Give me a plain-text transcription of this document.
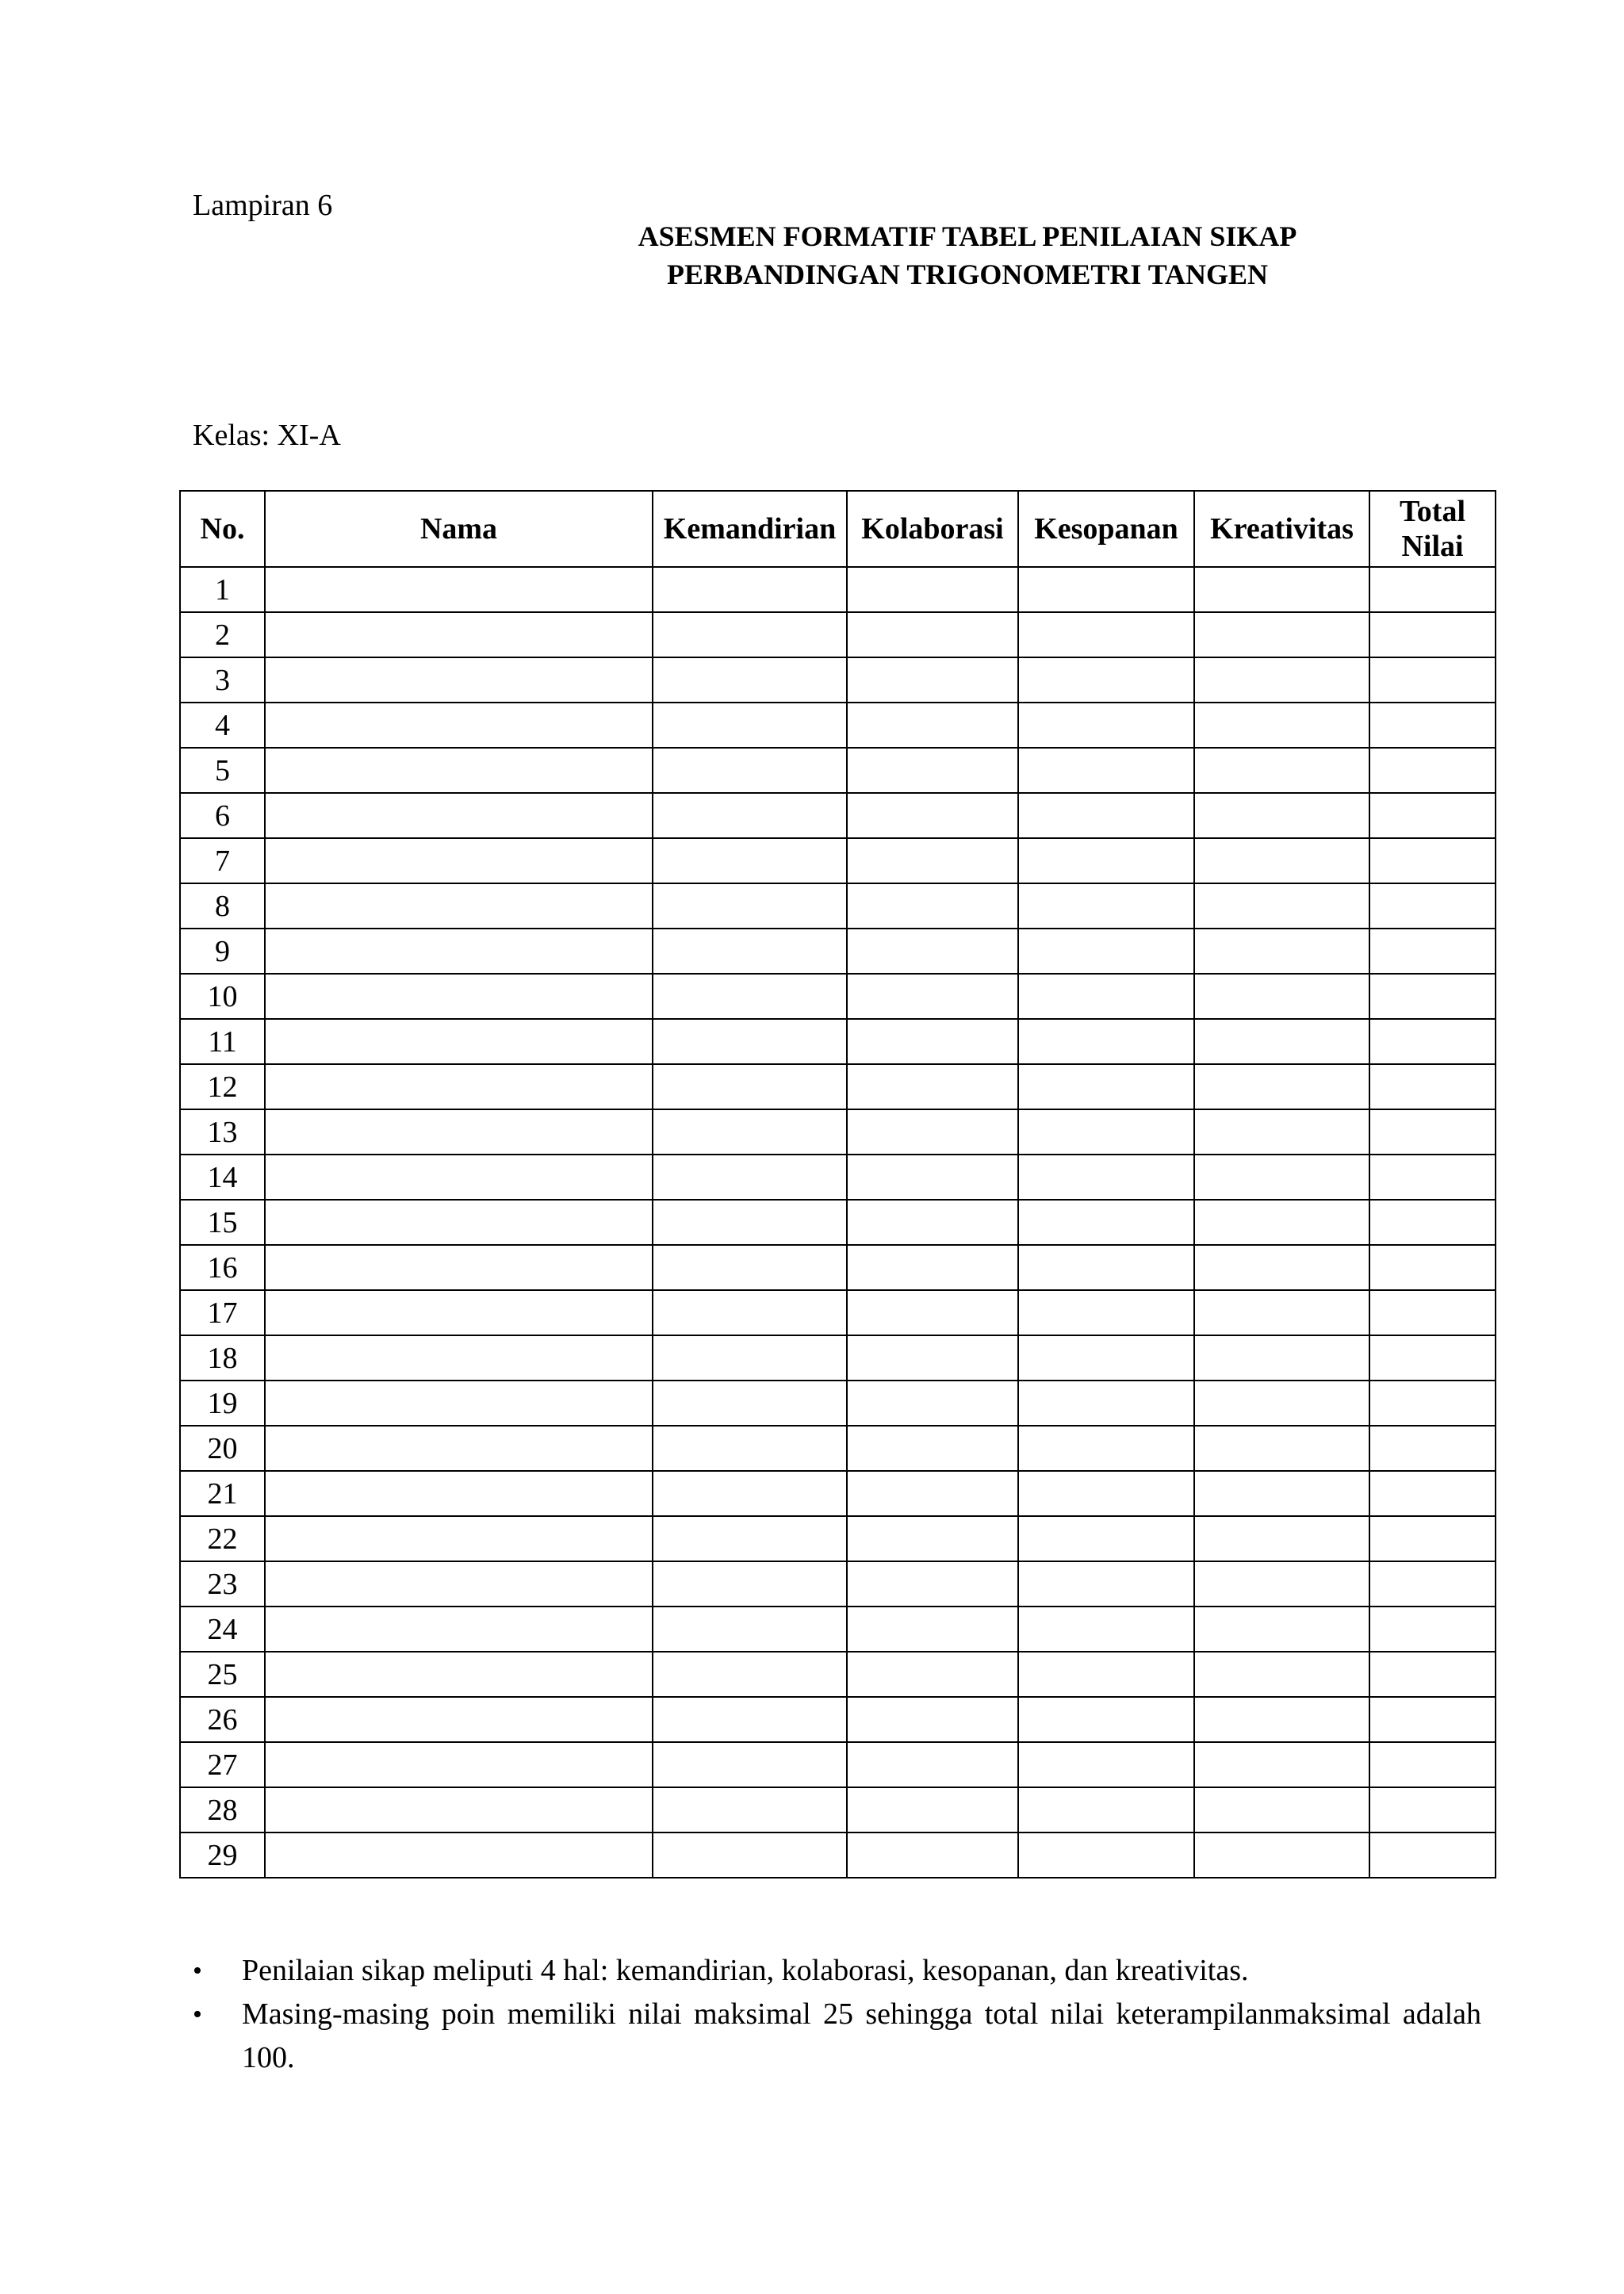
Lampiran 6
ASESMEN FORMATIF TABEL PENILAIAN SIKAP
PERBANDINGAN TRIGONOMETRI TANGEN
Kelas: XI-A
No.	Nama	Kemandirian	Kolaborasi	Kesopanan	Kreativitas	Total Nilai
1						
2						
3						
4						
5						
6						
7						
8						
9						
10						
11						
12						
13						
14						
15						
16						
17						
18						
19						
20						
21						
22						
23						
24						
25						
26						
27						
28						
29						
•	Penilaian sikap meliputi 4 hal: kemandirian, kolaborasi, kesopanan, dan kreativitas.
•	Masing-masing poin memiliki nilai maksimal 25 sehingga total nilai keterampilanmaksimal adalah 100.
